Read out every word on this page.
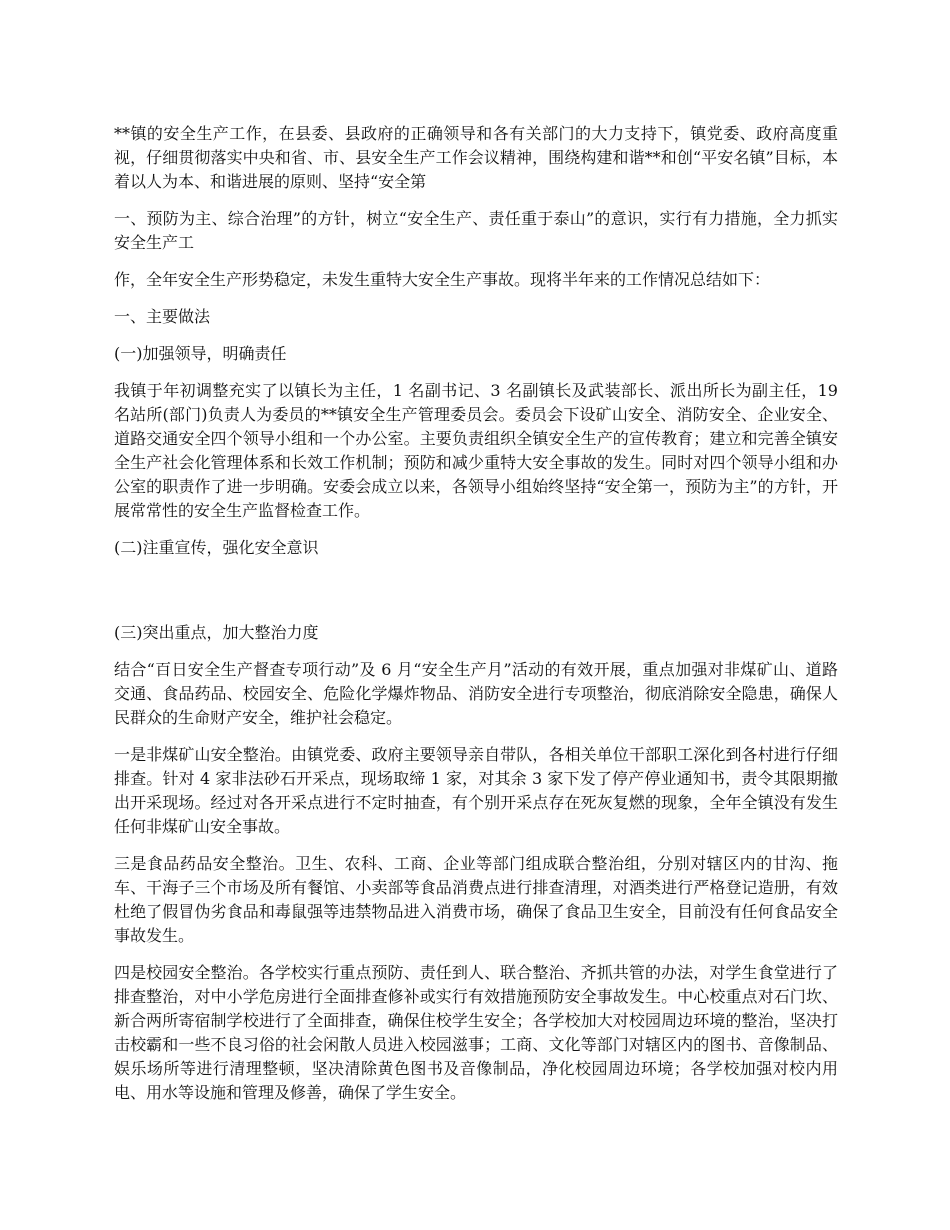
**镇的安全生产工作，在县委、县政府的正确领导和各有关部门的大力支持下，镇党委、政府高度重视，仔细贯彻落实中央和省、市、县安全生产工作会议精神，围绕构建和谐**和创“平安名镇”目标，本着以人为本、和谐进展的原则、坚持“安全第

一、预防为主、综合治理”的方针，树立“安全生产、责任重于泰山”的意识，实行有力措施，全力抓实安全生产工

作，全年安全生产形势稳定，未发生重特大安全生产事故。现将半年来的工作情况总结如下：

一、主要做法

(一)加强领导，明确责任

我镇于年初调整充实了以镇长为主任，1 名副书记、3 名副镇长及武装部长、派出所长为副主任，19 名站所(部门)负责人为委员的**镇安全生产管理委员会。委员会下设矿山安全、消防安全、企业安全、道路交通安全四个领导小组和一个办公室。主要负责组织全镇安全生产的宣传教育；建立和完善全镇安全生产社会化管理体系和长效工作机制；预防和减少重特大安全事故的发生。同时对四个领导小组和办公室的职责作了进一步明确。安委会成立以来，各领导小组始终坚持“安全第一，预防为主”的方针，开展常常性的安全生产监督检查工作。

(二)注重宣传，强化安全意识

(三)突出重点，加大整治力度

结合“百日安全生产督查专项行动”及 6 月“安全生产月”活动的有效开展，重点加强对非煤矿山、道路交通、食品药品、校园安全、危险化学爆炸物品、消防安全进行专项整治，彻底消除安全隐患，确保人民群众的生命财产安全，维护社会稳定。

一是非煤矿山安全整治。由镇党委、政府主要领导亲自带队，各相关单位干部职工深化到各村进行仔细排查。针对 4 家非法砂石开采点，现场取缔 1 家，对其余 3 家下发了停产停业通知书，责令其限期撤出开采现场。经过对各开采点进行不定时抽查，有个别开采点存在死灰复燃的现象，全年全镇没有发生任何非煤矿山安全事故。

三是食品药品安全整治。卫生、农科、工商、企业等部门组成联合整治组，分别对辖区内的甘沟、拖车、干海子三个市场及所有餐馆、小卖部等食品消费点进行排查清理，对酒类进行严格登记造册，有效杜绝了假冒伪劣食品和毒鼠强等违禁物品进入消费市场，确保了食品卫生安全，目前没有任何食品安全事故发生。

四是校园安全整治。各学校实行重点预防、责任到人、联合整治、齐抓共管的办法，对学生食堂进行了排查整治，对中小学危房进行全面排查修补或实行有效措施预防安全事故发生。中心校重点对石门坎、新合两所寄宿制学校进行了全面排查，确保住校学生安全；各学校加大对校园周边环境的整治，坚决打击校霸和一些不良习俗的社会闲散人员进入校园滋事；工商、文化等部门对辖区内的图书、音像制品、娱乐场所等进行清理整顿，坚决清除黄色图书及音像制品，净化校园周边环境；各学校加强对校内用电、用水等设施和管理及修善，确保了学生安全。
